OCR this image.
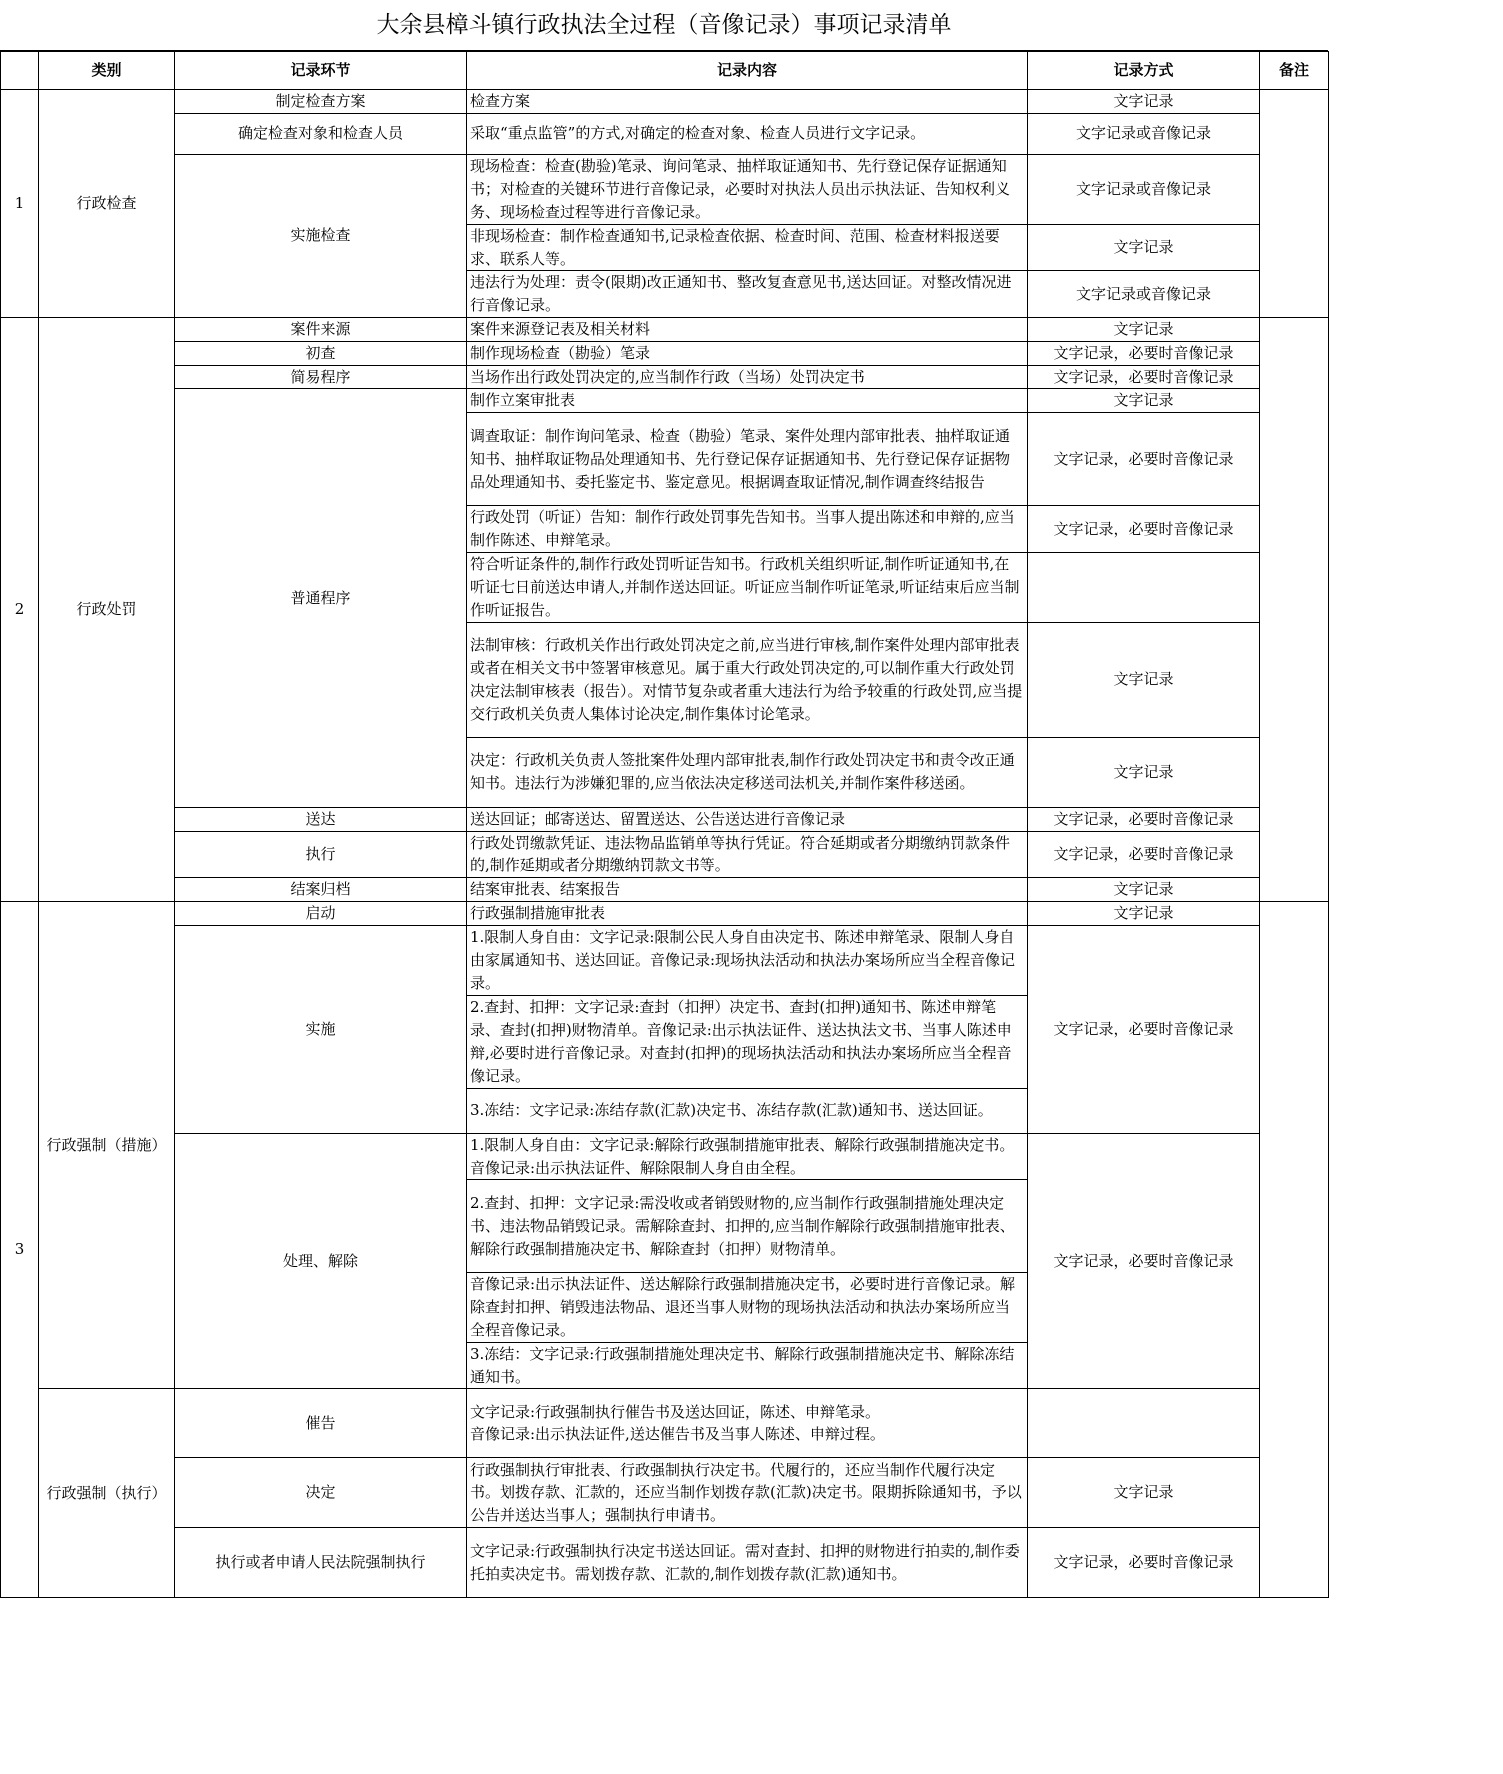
大余县樟斗镇行政执法全过程（音像记录）事项记录清单
	类别	记录环节	记录内容	记录方式	备注
1	行政检查	制定检查方案	检查方案	文字记录	
		确定检查对象和检查人员	采取“重点监管”的方式,对确定的检查对象、检查人员进行文字记录。	文字记录或音像记录	
		实施检查	现场检查：检查(勘验)笔录、询问笔录、抽样取证通知书、先行登记保存证据通知书；对检查的关键环节进行音像记录，必要时对执法人员出示执法证、告知权利义务、现场检查过程等进行音像记录。	文字记录或音像记录	
			非现场检查：制作检查通知书,记录检查依据、检查时间、范围、检查材料报送要求、联系人等。	文字记录	
			违法行为处理：责令(限期)改正通知书、整改复查意见书,送达回证。对整改情况进行音像记录。	文字记录或音像记录	
2	行政处罚	案件来源	案件来源登记表及相关材料	文字记录	
		初查	制作现场检查（勘验）笔录	文字记录，必要时音像记录	
		简易程序	当场作出行政处罚决定的,应当制作行政（当场）处罚决定书	文字记录，必要时音像记录	
		普通程序	制作立案审批表	文字记录	
			调查取证：制作询问笔录、检查（勘验）笔录、案件处理内部审批表、抽样取证通知书、抽样取证物品处理通知书、先行登记保存证据通知书、先行登记保存证据物品处理通知书、委托鉴定书、鉴定意见。根据调查取证情况,制作调查终结报告	文字记录，必要时音像记录	
			行政处罚（听证）告知：制作行政处罚事先告知书。当事人提出陈述和申辩的,应当制作陈述、申辩笔录。	文字记录，必要时音像记录	
			符合听证条件的,制作行政处罚听证告知书。行政机关组织听证,制作听证通知书,在听证七日前送达申请人,并制作送达回证。听证应当制作听证笔录,听证结束后应当制作听证报告。		
			法制审核：行政机关作出行政处罚决定之前,应当进行审核,制作案件处理内部审批表或者在相关文书中签署审核意见。属于重大行政处罚决定的,可以制作重大行政处罚决定法制审核表（报告）。对情节复杂或者重大违法行为给予较重的行政处罚,应当提交行政机关负责人集体讨论决定,制作集体讨论笔录。	文字记录	
			决定：行政机关负责人签批案件处理内部审批表,制作行政处罚决定书和责令改正通知书。违法行为涉嫌犯罪的,应当依法决定移送司法机关,并制作案件移送函。	文字记录	
		送达	送达回证；邮寄送达、留置送达、公告送达进行音像记录	文字记录，必要时音像记录	
		执行	行政处罚缴款凭证、违法物品监销单等执行凭证。符合延期或者分期缴纳罚款条件的,制作延期或者分期缴纳罚款文书等。	文字记录，必要时音像记录	
		结案归档	结案审批表、结案报告	文字记录	
3	行政强制（措施）	启动	行政强制措施审批表	文字记录	
		实施	1.限制人身自由：文字记录:限制公民人身自由决定书、陈述申辩笔录、限制人身自由家属通知书、送达回证。音像记录:现场执法活动和执法办案场所应当全程音像记录。	文字记录，必要时音像记录	
			2.查封、扣押：文字记录:查封（扣押）决定书、查封(扣押)通知书、陈述申辩笔录、查封(扣押)财物清单。音像记录:出示执法证件、送达执法文书、当事人陈述申辩,必要时进行音像记录。对查封(扣押)的现场执法活动和执法办案场所应当全程音像记录。		
			3.冻结：文字记录:冻结存款(汇款)决定书、冻结存款(汇款)通知书、送达回证。		
		处理、解除	1.限制人身自由：文字记录:解除行政强制措施审批表、解除行政强制措施决定书。音像记录:出示执法证件、解除限制人身自由全程。	文字记录，必要时音像记录	
			2.查封、扣押：文字记录:需没收或者销毁财物的,应当制作行政强制措施处理决定书、违法物品销毁记录。需解除查封、扣押的,应当制作解除行政强制措施审批表、解除行政强制措施决定书、解除查封（扣押）财物清单。		
			音像记录:出示执法证件、送达解除行政强制措施决定书，必要时进行音像记录。解除查封扣押、销毁违法物品、退还当事人财物的现场执法活动和执法办案场所应当全程音像记录。		
			3.冻结：文字记录:行政强制措施处理决定书、解除行政强制措施决定书、解除冻结通知书。		
	行政强制（执行）	催告	文字记录:行政强制执行催告书及送达回证，陈述、申辩笔录。
音像记录:出示执法证件,送达催告书及当事人陈述、申辩过程。		

		决定	行政强制执行审批表、行政强制执行决定书。代履行的，还应当制作代履行决定书。划拨存款、汇款的，还应当制作划拨存款(汇款)决定书。限期拆除通知书，予以公告并送达当事人；强制执行申请书。	文字记录	
		执行或者申请人民法院强制执行	文字记录:行政强制执行决定书送达回证。需对查封、扣押的财物进行拍卖的,制作委托拍卖决定书。需划拨存款、汇款的,制作划拨存款(汇款)通知书。	文字记录，必要时音像记录	
